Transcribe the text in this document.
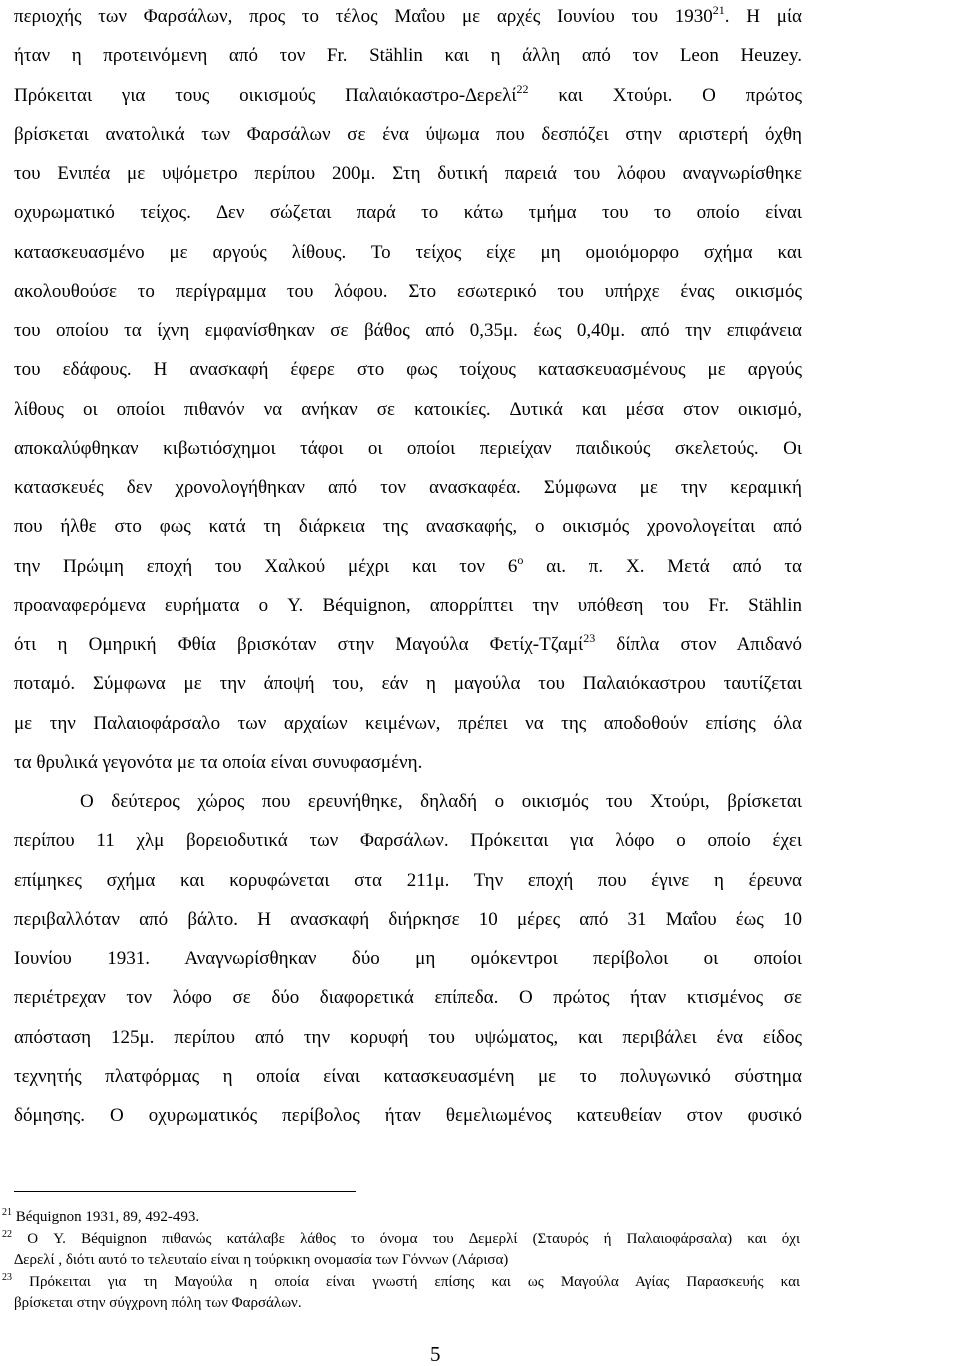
περιοχής των Φαρσάλων, προς το τέλος Μαΐου με αρχές Ιουνίου του 1930$^{21}$. Η μία
ήταν η προτεινόμενη από τον Fr. Stählin και η άλλη από τον Leon Heuzey.
Πρόκειται για τους οικισμούς Παλαιόκαστρο-∆ερελί$^{22}$ και Χτούρι. Ο πρώτος
βρίσκεται ανατολικά των Φαρσάλων σε ένα ύψωμα που δεσπόζει στην αριστερή όχθη
του Ενιπέα με υψόμετρο περίπου 200μ. Στη δυτική παρειά του λόφου αναγνωρίσθηκε
οχυρωματικό τείχος. ∆εν σώζεται παρά το κάτω τμήμα του το οποίο είναι
κατασκευασμένο με αργούς λίθους. Το τείχος είχε μη ομοιόμορφο σχήμα και
ακολουθούσε το περίγραμμα του λόφου. Στο εσωτερικό του υπήρχε ένας οικισμός
του οποίου τα ίχνη εμφανίσθηκαν σε βάθος από 0,35μ. έως 0,40μ. από την επιφάνεια
του εδάφους. Η ανασκαφή έφερε στο φως τοίχους κατασκευασμένους με αργούς
λίθους οι οποίοι πιθανόν να ανήκαν σε κατοικίες. ∆υτικά και μέσα στον οικισμό,
αποκαλύφθηκαν κιβωτιόσχημοι τάφοι οι οποίοι περιείχαν παιδικούς σκελετούς. Οι
κατασκευές δεν χρονολογήθηκαν από τον ανασκαφέα. Σύμφωνα με την κεραμική
που ήλθε στο φως κατά τη διάρκεια της ανασκαφής, ο οικισμός χρονολογείται από
την Πρώιμη εποχή του Χαλκού μέχρι και τον $6^o$ αι. π. Χ. Μετά από τα
προαναφερόμενα ευρήματα ο Y. Béquignon, απορρίπτει την υπόθεση του Fr. Stählin
ότι η Ομηρική Φθία βρισκόταν στην Μαγούλα Φετίχ-Τζαμί$^{23}$ δίπλα στον Απιδανό
ποταμό. Σύμφωνα με την άποψή του, εάν η μαγούλα του Παλαιόκαστρου ταυτίζεται
με την Παλαιοφάρσαλο των αρχαίων κειμένων, πρέπει να της αποδοθούν επίσης όλα
τα θρυλικά γεγονότα με τα οποία είναι συνυφασμένη.
Ο δεύτερος χώρος που ερευνήθηκε, δηλαδή ο οικισμός του Χτούρι, βρίσκεται
περίπου 11 χλμ βορειοδυτικά των Φαρσάλων. Πρόκειται για λόφο ο οποίο έχει
επίμηκες σχήμα και κορυφώνεται στα 211μ. Την εποχή που έγινε η έρευνα
περιβαλλόταν από βάλτο. Η ανασκαφή διήρκησε 10 μέρες από 31 Μαΐου έως 10
Ιουνίου 1931. Αναγνωρίσθηκαν δύο μη ομόκεντροι περίβολοι οι οποίοι
περιέτρεχαν τον λόφο σε δύο διαφορετικά επίπεδα. Ο πρώτος ήταν κτισμένος σε
απόσταση 125μ. περίπου από την κορυφή του υψώματος, και περιβάλει ένα είδος
τεχνητής πλατφόρμας η οποία είναι κατασκευασμένη με το πολυγωνικό σύστημα
δόμησης. Ο οχυρωματικός περίβολος ήταν θεμελιωμένος κατευθείαν στον φυσικό
$^{21}$ Béquignon 1931, 89, 492-493.
$^{22}$ Ο Y. Béquignon πιθανώς κατάλαβε λάθος το όνομα του ∆εμερλί (Σταυρός ή Παλαιοφάρσαλα) και όχι
∆ερελί , διότι αυτό το τελευταίο είναι η τούρκικη ονομασία των Γόννων (Λάρισα)
$^{23}$ Πρόκειται για τη Μαγούλα η οποία είναι γνωστή επίσης και ως Μαγούλα Αγίας Παρασκευής και
βρίσκεται στην σύγχρονη πόλη των Φαρσάλων.
5
